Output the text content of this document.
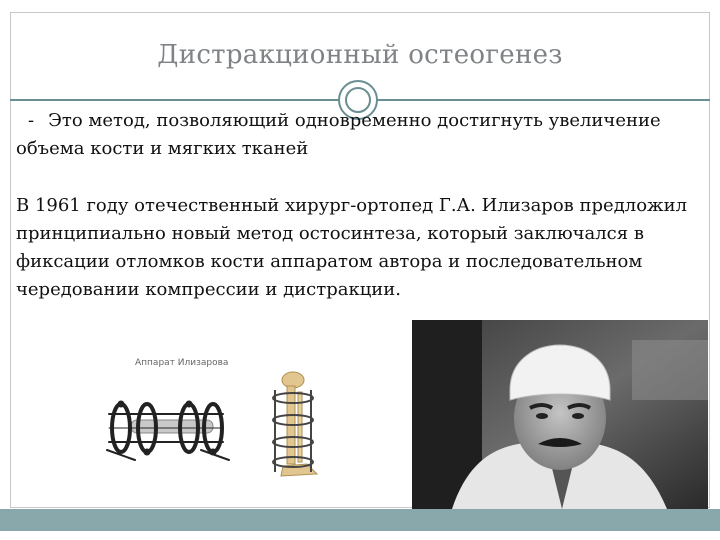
Дистракционный остеогенез
- Это метод, позволяющий одновременно достигнуть увеличение объема кости и мягких тканей

В 1961 году отечественный хирург-ортопед Г.А. Илизаров предложил принципиально новый метод остосинтеза, который заключался в фиксации отломков кости аппаратом автора и последовательном чередовании компрессии и дистракции.

Аппарат Илизарова
